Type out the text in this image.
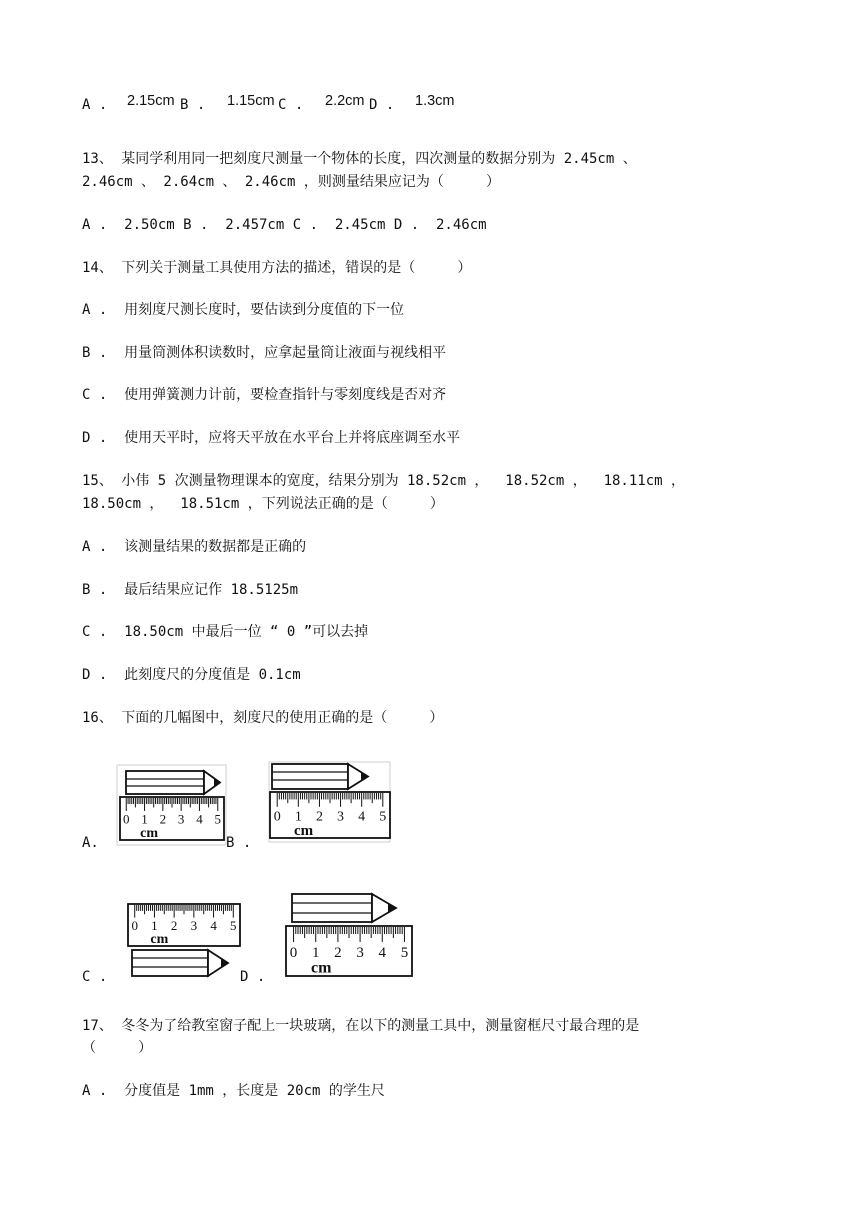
A . 2.15cm B . 1.15cm C . 2.2cm D . 1.3cm
13、 某同学利用同一把刻度尺测量一个物体的长度，四次测量的数据分别为 2.45cm 、
2.46cm 、 2.64cm 、 2.46cm ，则测量结果应记为（     ）
A .  2.50cm B .  2.457cm C .  2.45cm D .  2.46cm
14、 下列关于测量工具使用方法的描述，错误的是（     ）
A .  用刻度尺测长度时，要估读到分度值的下一位
B .  用量筒测体积读数时，应拿起量筒让液面与视线相平
C .  使用弹簧测力计前，要检查指针与零刻度线是否对齐
D .  使用天平时，应将天平放在水平台上并将底座调至水平
15、 小伟 5 次测量物理课本的宽度，结果分别为 18.52cm ，  18.52cm ，  18.11cm ，
18.50cm ，  18.51cm ，下列说法正确的是（     ）
A .  该测量结果的数据都是正确的
B .  最后结果应记作 18.5125m
C .  18.50cm 中最后一位 “ 0 ”可以去掉
D .  此刻度尺的分度值是 0.1cm
16、 下面的几幅图中，刻度尺的使用正确的是（     ）
A.	B .
C .	D .
0 1 2 3 4 5
cm
0 1 2 3 4 5
cm
0 1 2 3 4 5
cm
0 1 2 3 4 5
cm
17、 冬冬为了给教室窗子配上一块玻璃，在以下的测量工具中，测量窗框尺寸最合理的是
（     ）
A .  分度值是 1mm ，长度是 20cm 的学生尺
